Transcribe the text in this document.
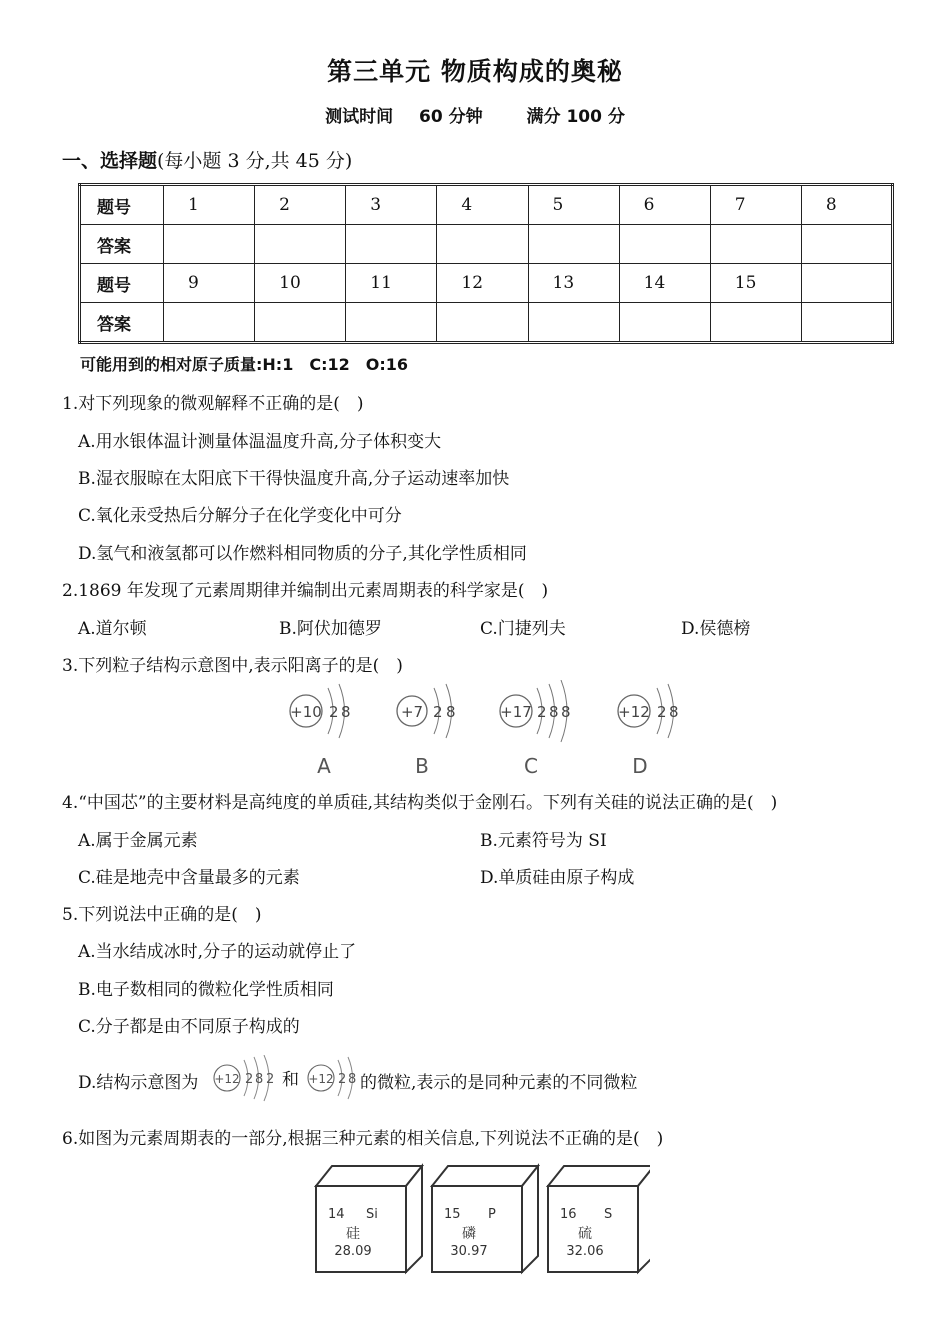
第三单元 物质构成的奥秘
测试时间 60 分钟	满分 100 分
一、选择题(每小题 3 分,共 45 分)
题号	1	2	3	4	5	6	7	8
答案								
题号	9	10	11	12	13	14	15	
答案								
可能用到的相对原子质量:H:1　C:12　O:16
1.对下列现象的微观解释不正确的是(　)
A.用水银体温计测量体温温度升高,分子体积变大
B.湿衣服晾在太阳底下干得快温度升高,分子运动速率加快
C.氧化汞受热后分解分子在化学变化中可分
D.氢气和液氢都可以作燃料相同物质的分子,其化学性质相同
2.1869 年发现了元素周期律并编制出元素周期表的科学家是(　)
A.道尔顿	B.阿伏加德罗	C.门捷列夫	D.侯德榜
3.下列粒子结构示意图中,表示阳离子的是(　)
+10 2 8
A
+7 2 8
B
+17 2 8 8
C
+12 2 8
D
4.“中国芯”的主要材料是高纯度的单质硅,其结构类似于金刚石。下列有关硅的说法正确的是(　)
A.属于金属元素	B.元素符号为 SI
C.硅是地壳中含量最多的元素	D.单质硅由原子构成
5.下列说法中正确的是(　)
A.当水结成冰时,分子的运动就停止了
B.电子数相同的微粒化学性质相同
C.分子都是由不同原子构成的
D.结构示意图为 +12 2 8 2 和 +12 2 8 的微粒,表示的是同种元素的不同微粒
6.如图为元素周期表的一部分,根据三种元素的相关信息,下列说法不正确的是(　)
14 Si
硅
28.09
15 P
磷
30.97
16 S
硫
32.06
